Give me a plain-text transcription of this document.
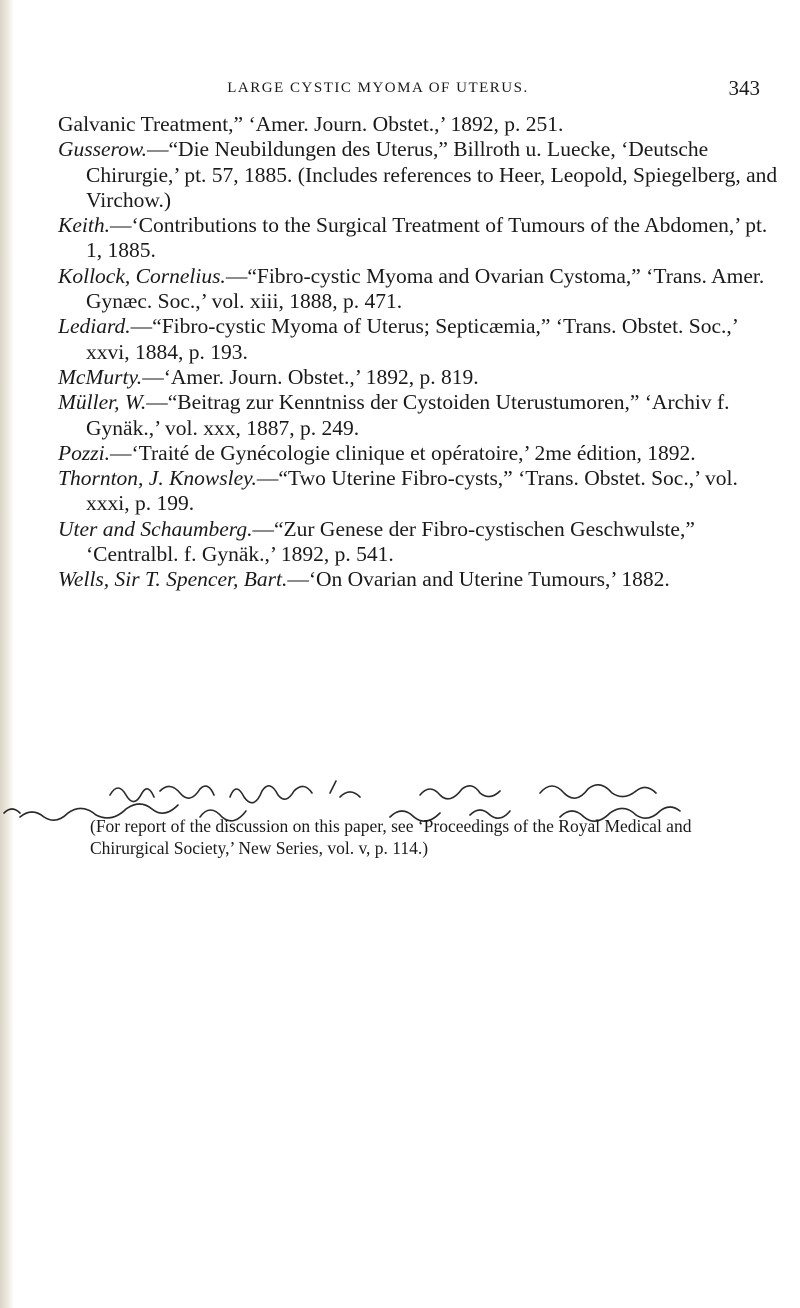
LARGE CYSTIC MYOMA OF UTERUS.	343

Galvanic Treatment,” ‘Amer. Journ. Obstet.,’ 1892, p. 251.

Gusserow.—“Die Neubildungen des Uterus,” Billroth u. Luecke, ‘Deutsche Chirurgie,’ pt. 57, 1885. (Includes references to Heer, Leopold, Spiegelberg, and Virchow.)

Keith.—‘Contributions to the Surgical Treatment of Tumours of the Abdomen,’ pt. 1, 1885.

Kollock, Cornelius.—“Fibro-cystic Myoma and Ovarian Cystoma,” ‘Trans. Amer. Gynæc. Soc.,’ vol. xiii, 1888, p. 471.

Lediard.—“Fibro-cystic Myoma of Uterus; Septicæmia,” ‘Trans. Obstet. Soc.,’ xxvi, 1884, p. 193.

McMurty.—‘Amer. Journ. Obstet.,’ 1892, p. 819.

Müller, W.—“Beitrag zur Kenntniss der Cystoiden Uterustumoren,” ‘Archiv f. Gynäk.,’ vol. xxx, 1887, p. 249.

Pozzi.—‘Traité de Gynécologie clinique et opératoire,’ 2me édition, 1892.

Thornton, J. Knowsley.—“Two Uterine Fibro-cysts,” ‘Trans. Obstet. Soc.,’ vol. xxxi, p. 199.

Uter and Schaumberg.—“Zur Genese der Fibro-cystischen Geschwulste,” ‘Centralbl. f. Gynäk.,’ 1892, p. 541.

Wells, Sir T. Spencer, Bart.—‘On Ovarian and Uterine Tumours,’ 1882.

(For report of the discussion on this paper, see ‘Proceedings of the Royal Medical and Chirurgical Society,’ New Series, vol. v, p. 114.)
